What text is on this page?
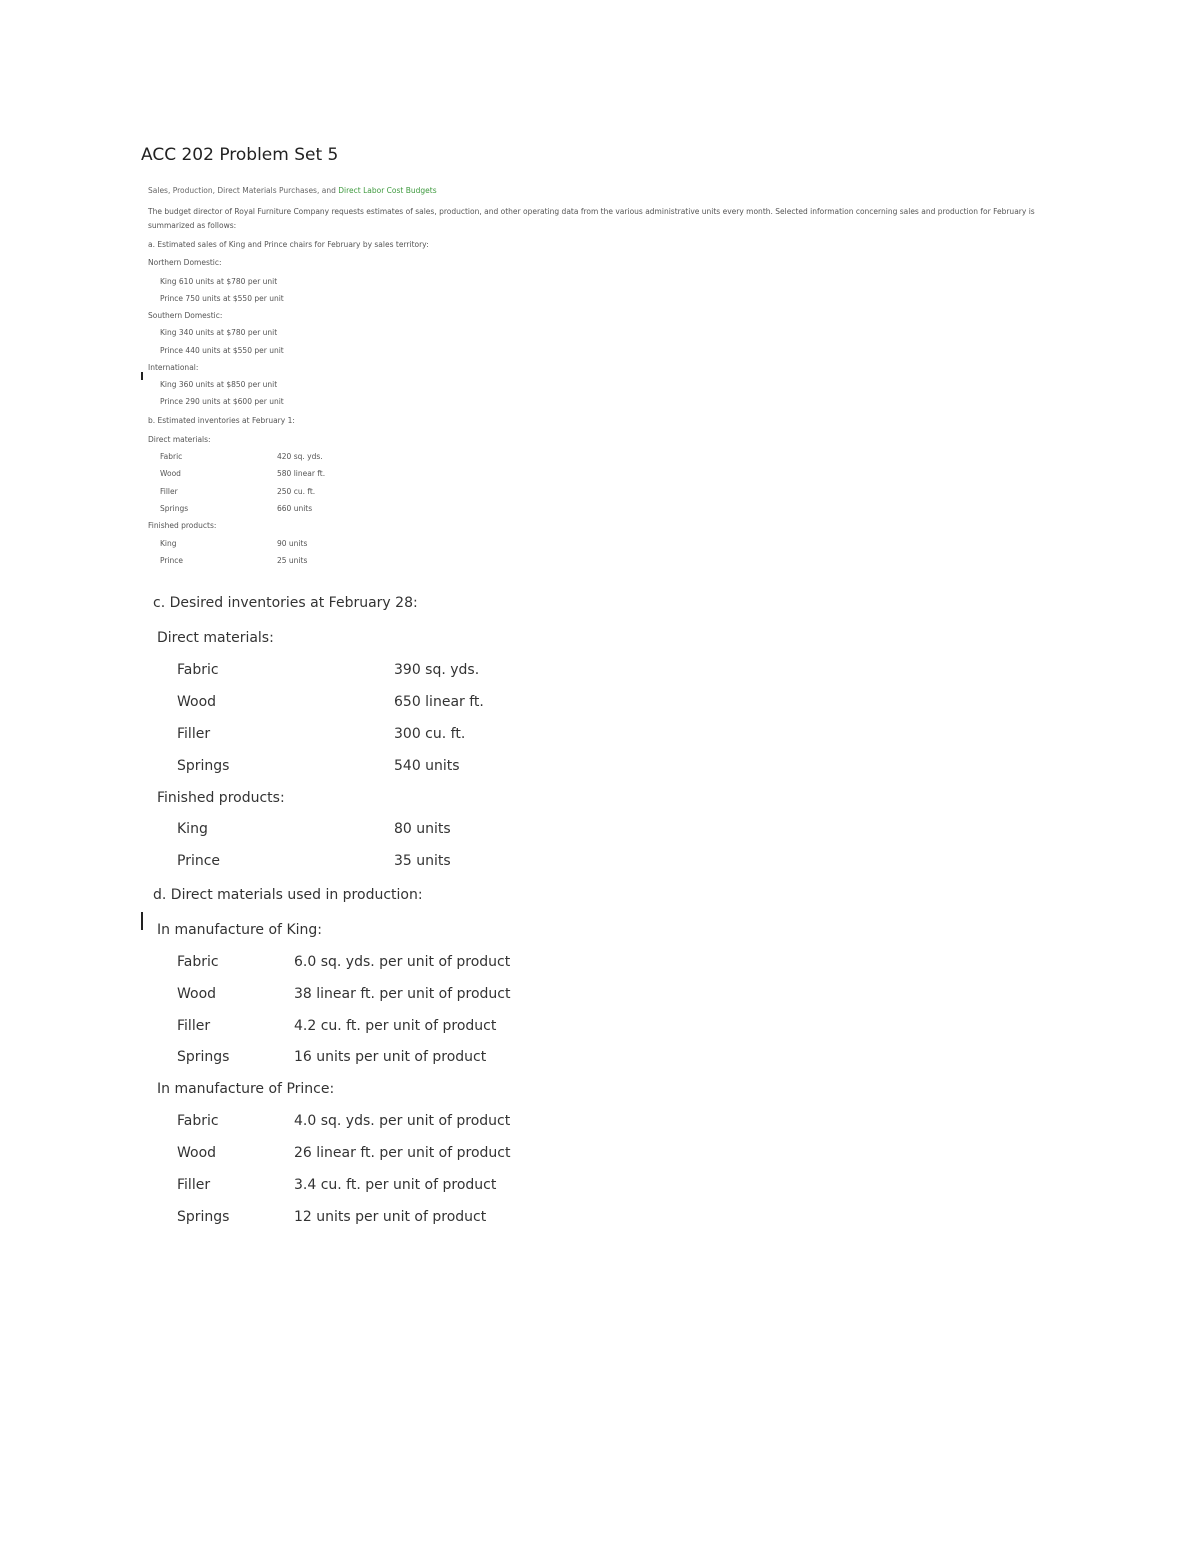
ACC 202 Problem Set 5
Sales, Production, Direct Materials Purchases, and Direct Labor Cost Budgets
The budget director of Royal Furniture Company requests estimates of sales, production, and other operating data from the various administrative units every month. Selected information concerning sales and production for February is summarized as follows:
a. Estimated sales of King and Prince chairs for February by sales territory:
Northern Domestic:
King 610 units at $780 per unit
Prince 750 units at $550 per unit
Southern Domestic:
King 340 units at $780 per unit
Prince 440 units at $550 per unit
International:
King 360 units at $850 per unit
Prince 290 units at $600 per unit
b. Estimated inventories at February 1:
Direct materials:
Fabric	420 sq. yds.
Wood	580 linear ft.
Filler	250 cu. ft.
Springs	660 units
Finished products:
King	90 units
Prince	25 units
c. Desired inventories at February 28:
Direct materials:
Fabric	390 sq. yds.
Wood	650 linear ft.
Filler	300 cu. ft.
Springs	540 units
Finished products:
King	80 units
Prince	35 units
d. Direct materials used in production:
In manufacture of King:
Fabric	6.0 sq. yds. per unit of product
Wood	38 linear ft. per unit of product
Filler	4.2 cu. ft. per unit of product
Springs	16 units per unit of product
In manufacture of Prince:
Fabric	4.0 sq. yds. per unit of product
Wood	26 linear ft. per unit of product
Filler	3.4 cu. ft. per unit of product
Springs	12 units per unit of product
